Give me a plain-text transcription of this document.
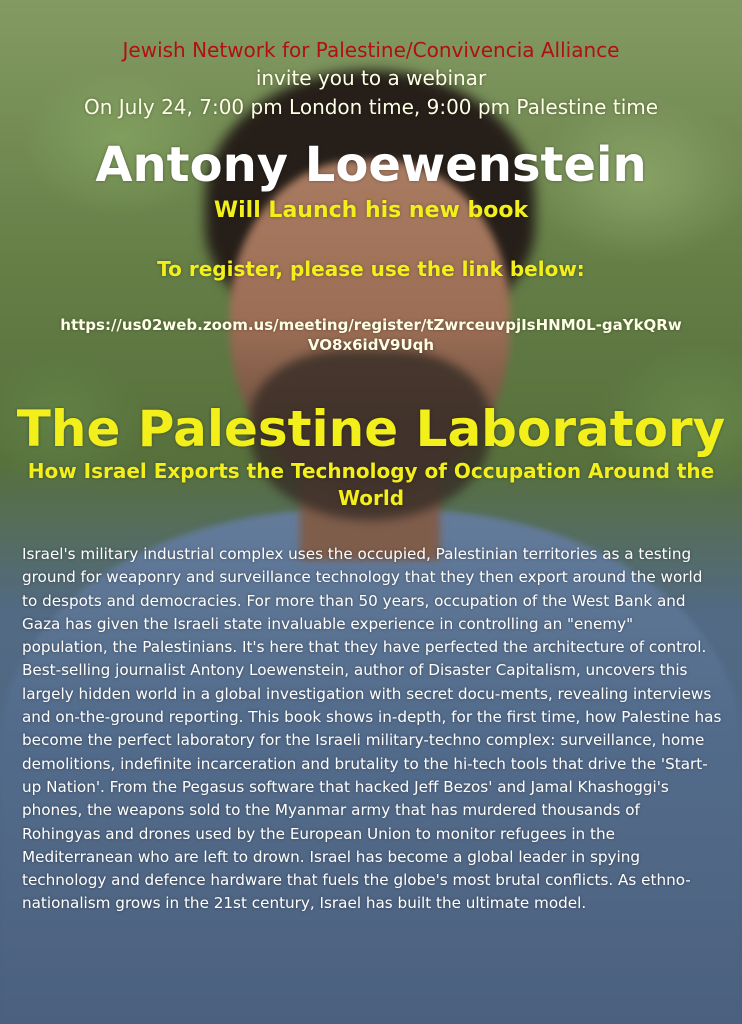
Jewish Network for Palestine/Convivencia Alliance

invite you to a webinar

On July 24, 7:00 pm London time, 9:00 pm Palestine time

Antony Loewenstein

Will Launch his new book

To register, please use the link below:

https://us02web.zoom.us/meeting/register/tZwrceuvpjIsHNM0L-gaYkQRwVO8x6idV9Uqh

The Palestine Laboratory

How Israel Exports the Technology of Occupation Around the World

Israel's military industrial complex uses the occupied, Palestinian territories as a testing ground for weaponry and surveillance technology that they then export around the world to despots and democracies. For more than 50 years, occupation of the West Bank and Gaza has given the Israeli state invaluable experience in controlling an "enemy" population, the Palestinians. It's here that they have perfected the architecture of control.

Best-selling journalist Antony Loewenstein, author of Disaster Capitalism, uncovers this largely hidden world in a global investigation with secret docu-ments, revealing interviews and on-the-ground reporting. This book shows in-depth, for the first time, how Palestine has become the perfect laboratory for the Israeli military-techno complex: surveillance, home demolitions, indefinite incarceration and brutality to the hi-tech tools that drive the 'Start-up Nation'. From the Pegasus software that hacked Jeff Bezos' and Jamal Khashoggi's phones, the weapons sold to the Myanmar army that has murdered thousands of Rohingyas and drones used by the European Union to monitor refugees in the Mediterranean who are left to drown. Israel has become a global leader in spying technology and defence hardware that fuels the globe's most brutal conflicts. As ethno-nationalism grows in the 21st century, Israel has built the ultimate model.
